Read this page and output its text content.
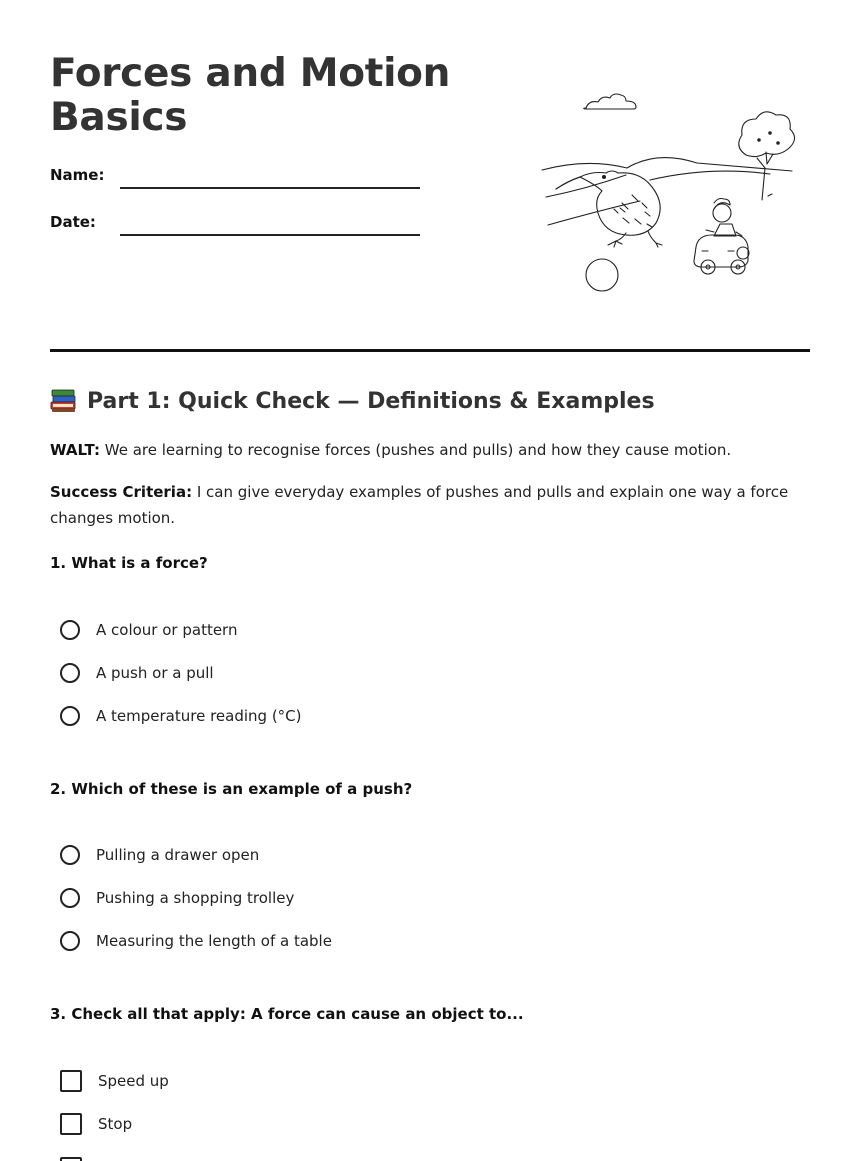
Forces and Motion Basics
Name:
Date:
Part 1: Quick Check — Definitions & Examples

WALT: We are learning to recognise forces (pushes and pulls) and how they cause motion.

Success Criteria: I can give everyday examples of pushes and pulls and explain one way a force changes motion.

1. What is a force?

A colour or pattern
A push or a pull
A temperature reading (°C)

2. Which of these is an example of a push?

Pulling a drawer open
Pushing a shopping trolley
Measuring the length of a table

3. Check all that apply: A force can cause an object to...

Speed up
Stop
